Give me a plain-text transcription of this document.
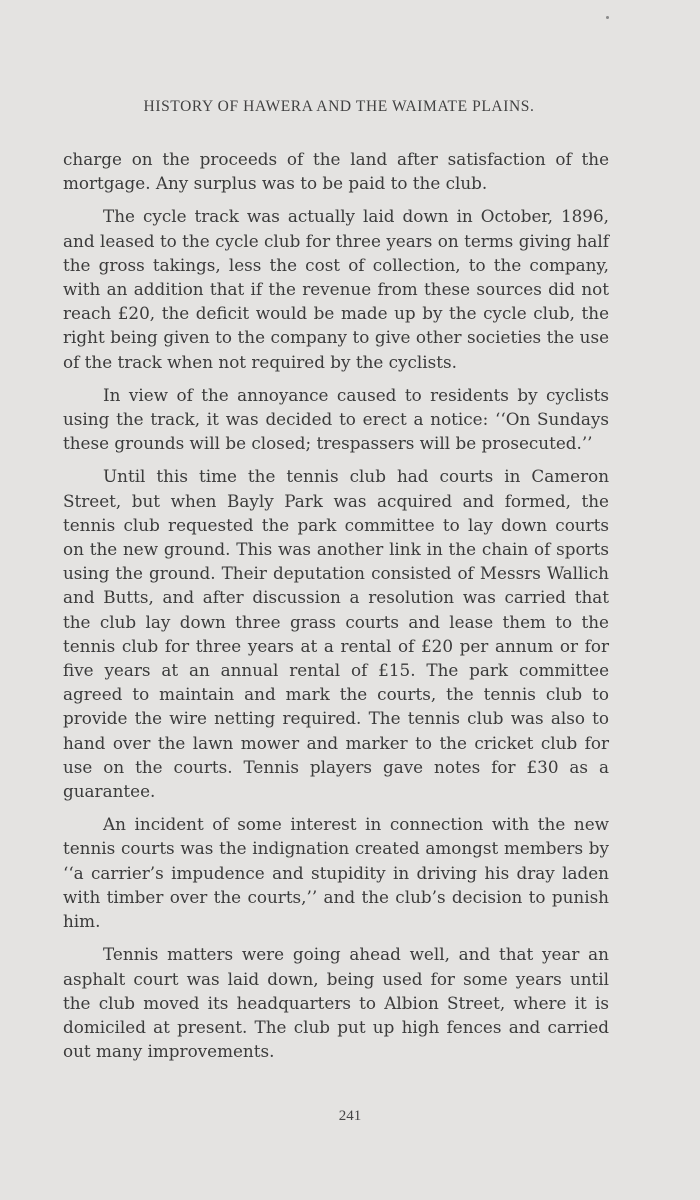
HISTORY OF HAWERA AND THE WAIMATE PLAINS.

charge on the proceeds of the land after satisfaction of the mortgage. Any surplus was to be paid to the club.

The cycle track was actually laid down in October, 1896, and leased to the cycle club for three years on terms giving half the gross takings, less the cost of collection, to the company, with an addition that if the revenue from these sources did not reach £20, the deficit would be made up by the cycle club, the right being given to the company to give other societies the use of the track when not required by the cyclists.

In view of the annoyance caused to residents by cyclists using the track, it was decided to erect a notice: ‘‘On Sundays these grounds will be closed; trespassers will be prosecuted.’’

Until this time the tennis club had courts in Cameron Street, but when Bayly Park was acquired and formed, the tennis club requested the park committee to lay down courts on the new ground. This was another link in the chain of sports using the ground. Their deputation consisted of Messrs Wallich and Butts, and after discussion a resolution was carried that the club lay down three grass courts and lease them to the tennis club for three years at a rental of £20 per annum or for five years at an annual rental of £15. The park committee agreed to maintain and mark the courts, the tennis club to provide the wire netting required. The tennis club was also to hand over the lawn mower and marker to the cricket club for use on the courts. Tennis players gave notes for £30 as a guarantee.

An incident of some interest in connection with the new tennis courts was the indignation created amongst members by ‘‘a carrier’s impudence and stupidity in driving his dray laden with timber over the courts,’’ and the club’s decision to punish him.

Tennis matters were going ahead well, and that year an asphalt court was laid down, being used for some years until the club moved its headquarters to Albion Street, where it is domiciled at present. The club put up high fences and carried out many improvements.

241
